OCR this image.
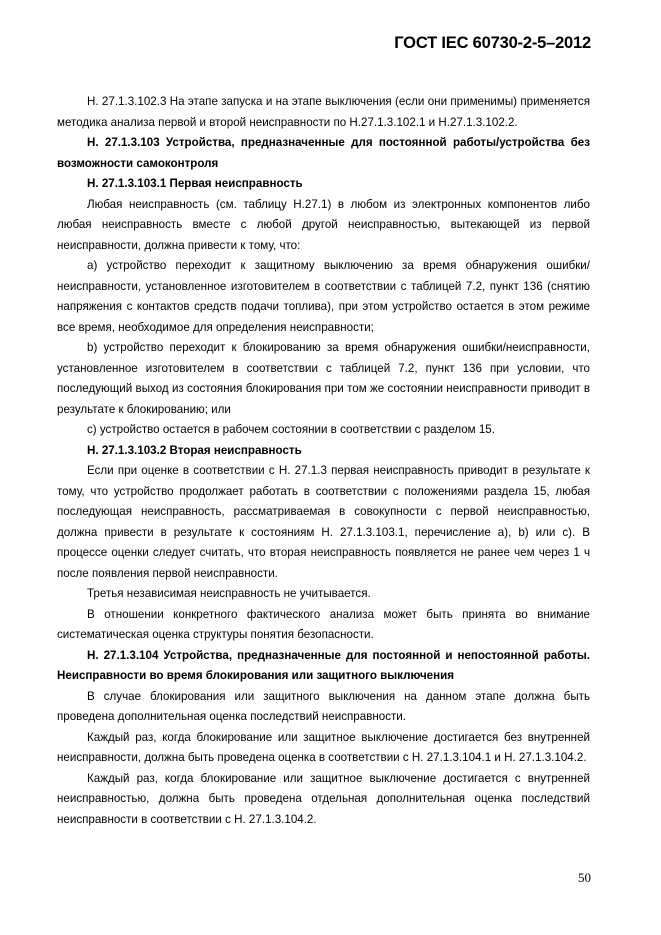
ГОСТ IEC 60730-2-5–2012

Н. 27.1.3.102.3 На этапе запуска и на этапе выключения (если они применимы) применяется методика анализа первой и второй неисправности по Н.27.1.3.102.1 и Н.27.1.3.102.2.

Н. 27.1.3.103 Устройства, предназначенные для постоянной работы/устройства без возможности самоконтроля

Н. 27.1.3.103.1 Первая неисправность

Любая неисправность (см. таблицу Н.27.1) в любом из электронных компонентов либо любая неисправность вместе с любой другой неисправностью, вытекающей из первой неисправности, должна привести к тому, что:

а) устройство переходит к защитному выключению за время обнаружения ошибки/неисправности, установленное изготовителем в соответствии с таблицей 7.2, пункт 136 (снятию напряжения с контактов средств подачи топлива), при этом устройство остается в этом режиме все время, необходимое для определения неисправности;

b) устройство переходит к блокированию за время обнаружения ошибки/неисправности, установленное изготовителем в соответствии с таблицей 7.2, пункт 136 при условии, что последующий выход из состояния блокирования при том же состоянии неисправности приводит в результате к блокированию; или

с) устройство остается в рабочем состоянии в соответствии с разделом 15.

Н. 27.1.3.103.2 Вторая неисправность

Если при оценке в соответствии с Н. 27.1.3 первая неисправность приводит в результате к тому, что устройство продолжает работать в соответствии с положениями раздела 15, любая последующая неисправность, рассматриваемая в совокупности с первой неисправностью, должна привести в результате к состояниям Н. 27.1.3.103.1, перечисление а), b) или с). В процессе оценки следует считать, что вторая неисправность появляется не ранее чем через 1 ч после появления первой неисправности.

Третья независимая неисправность не учитывается.

В отношении конкретного фактического анализа может быть принята во внимание систематическая оценка структуры понятия безопасности.

Н. 27.1.3.104 Устройства, предназначенные для постоянной и непостоянной работы. Неисправности во время блокирования или защитного выключения

В случае блокирования или защитного выключения на данном этапе должна быть проведена дополнительная оценка последствий неисправности.

Каждый раз, когда блокирование или защитное выключение достигается без внутренней неисправности, должна быть проведена оценка в соответствии с Н. 27.1.3.104.1 и Н. 27.1.3.104.2.

Каждый раз, когда блокирование или защитное выключение достигается с внутренней неисправностью, должна быть проведена отдельная дополнительная оценка последствий неисправности в соответствии с Н. 27.1.3.104.2.

50
